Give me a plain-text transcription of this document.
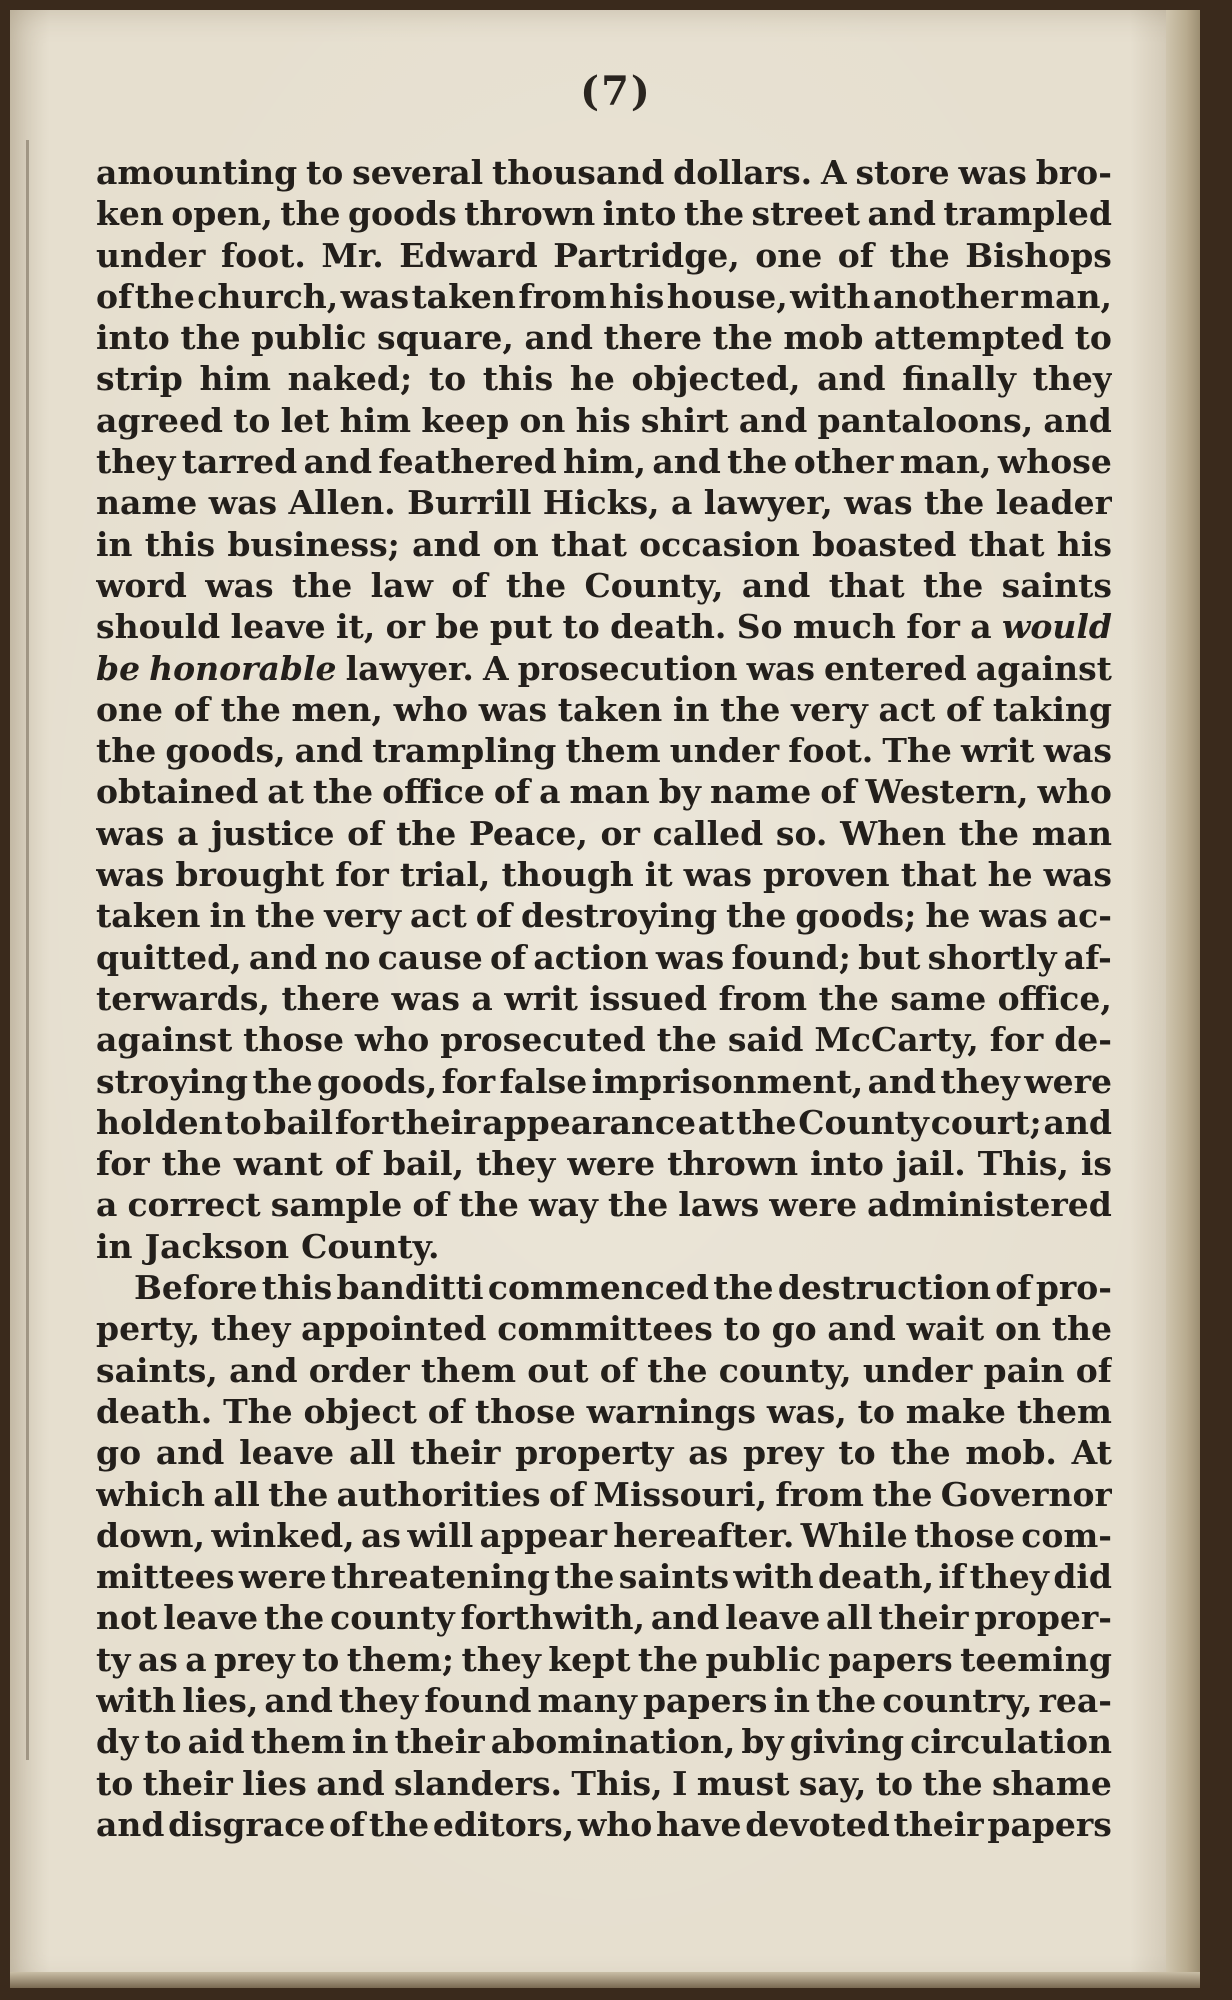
(7)
amounting to several thousand dollars. A store was bro-
ken open, the goods thrown into the street and trampled
under foot. Mr. Edward Partridge, one of the Bishops
of the church, was taken from his house, with another man,
into the public square, and there the mob attempted to
strip him naked; to this he objected, and finally they
agreed to let him keep on his shirt and pantaloons, and
they tarred and feathered him, and the other man, whose
name was Allen. Burrill Hicks, a lawyer, was the leader
in this business; and on that occasion boasted that his
word was the law of the County, and that the saints
should leave it, or be put to death. So much for a would
be honorable lawyer. A prosecution was entered against
one of the men, who was taken in the very act of taking
the goods, and trampling them under foot. The writ was
obtained at the office of a man by name of Western, who
was a justice of the Peace, or called so. When the man
was brought for trial, though it was proven that he was
taken in the very act of destroying the goods; he was ac-
quitted, and no cause of action was found; but shortly af-
terwards, there was a writ issued from the same office,
against those who prosecuted the said McCarty, for de-
stroying the goods, for false imprisonment, and they were
holden to bail for their appearance at the County court; and
for the want of bail, they were thrown into jail. This, is
a correct sample of the way the laws were administered
in Jackson County.
Before this banditti commenced the destruction of pro-
perty, they appointed committees to go and wait on the
saints, and order them out of the county, under pain of
death. The object of those warnings was, to make them
go and leave all their property as prey to the mob. At
which all the authorities of Missouri, from the Governor
down, winked, as will appear hereafter. While those com-
mittees were threatening the saints with death, if they did
not leave the county forthwith, and leave all their proper-
ty as a prey to them; they kept the public papers teeming
with lies, and they found many papers in the country, rea-
dy to aid them in their abomination, by giving circulation
to their lies and slanders. This, I must say, to the shame
and disgrace of the editors, who have devoted their papers
